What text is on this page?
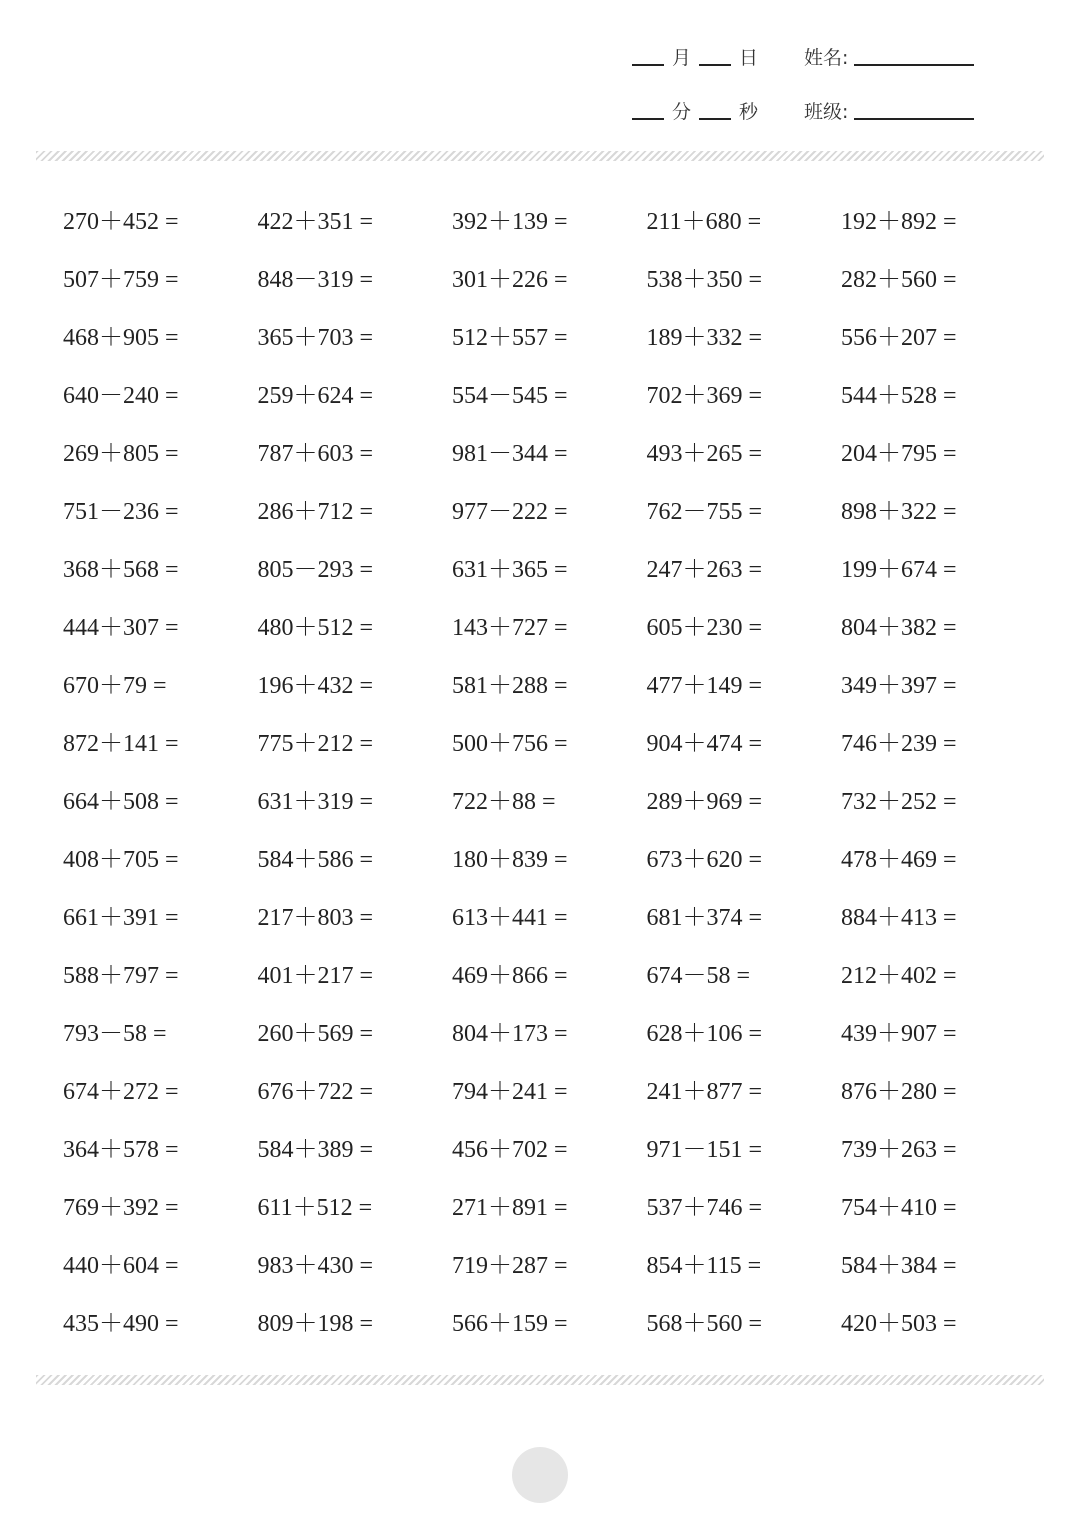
月	日 姓名:
分	秒 班级:
270＋452 =	422＋351 =	392＋139 =	211＋680 =	192＋892 =
507＋759 =	848－319 =	301＋226 =	538＋350 =	282＋560 =
468＋905 =	365＋703 =	512＋557 =	189＋332 =	556＋207 =
640－240 =	259＋624 =	554－545 =	702＋369 =	544＋528 =
269＋805 =	787＋603 =	981－344 =	493＋265 =	204＋795 =
751－236 =	286＋712 =	977－222 =	762－755 =	898＋322 =
368＋568 =	805－293 =	631＋365 =	247＋263 =	199＋674 =
444＋307 =	480＋512 =	143＋727 =	605＋230 =	804＋382 =
670＋79 =	196＋432 =	581＋288 =	477＋149 =	349＋397 =
872＋141 =	775＋212 =	500＋756 =	904＋474 =	746＋239 =
664＋508 =	631＋319 =	722＋88 =	289＋969 =	732＋252 =
408＋705 =	584＋586 =	180＋839 =	673＋620 =	478＋469 =
661＋391 =	217＋803 =	613＋441 =	681＋374 =	884＋413 =
588＋797 =	401＋217 =	469＋866 =	674－58 =	212＋402 =
793－58 =	260＋569 =	804＋173 =	628＋106 =	439＋907 =
674＋272 =	676＋722 =	794＋241 =	241＋877 =	876＋280 =
364＋578 =	584＋389 =	456＋702 =	971－151 =	739＋263 =
769＋392 =	611＋512 =	271＋891 =	537＋746 =	754＋410 =
440＋604 =	983＋430 =	719＋287 =	854＋115 =	584＋384 =
435＋490 =	809＋198 =	566＋159 =	568＋560 =	420＋503 =
